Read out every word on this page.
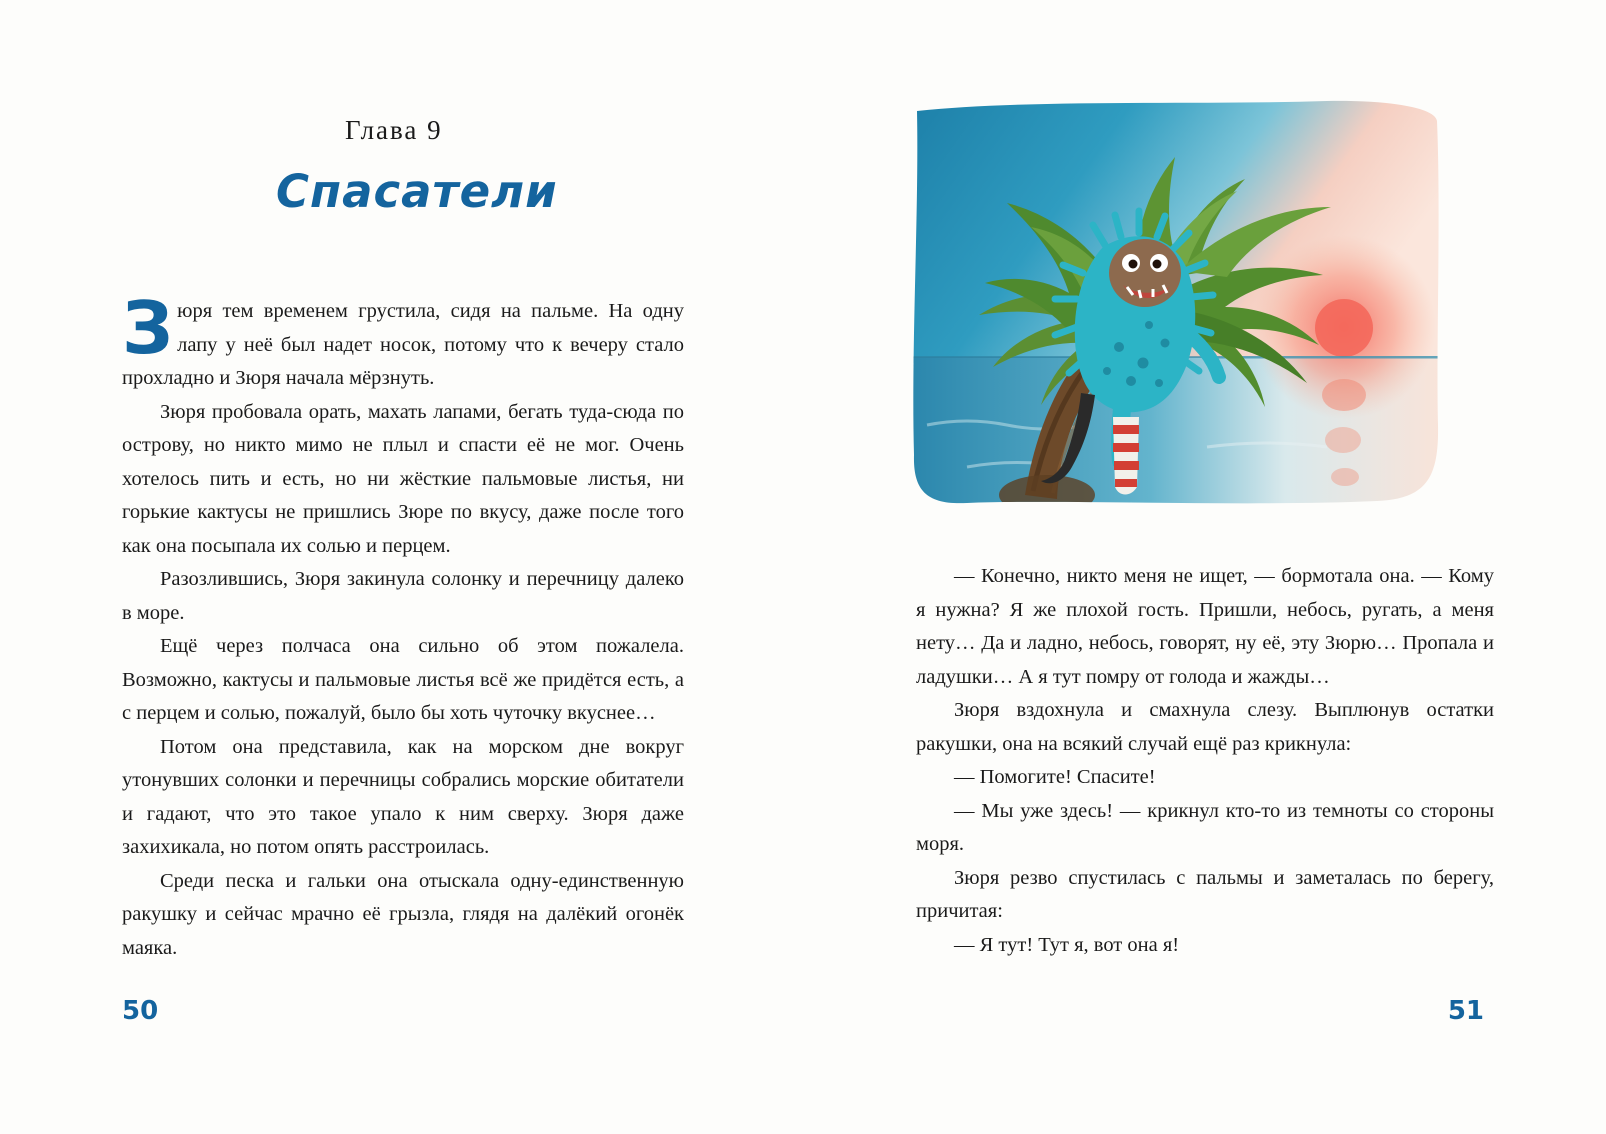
Глава 9
Спасатели

Зюря тем временем грустила, сидя на пальме. На одну лапу у неё был надет носок, потому что к вечеру стало прохладно и Зюря начала мёрзнуть.

Зюря пробовала орать, махать лапами, бегать туда-сюда по острову, но никто мимо не плыл и спасти её не мог. Очень хотелось пить и есть, но ни жёсткие пальмовые листья, ни горькие кактусы не пришлись Зюре по вкусу, даже после того как она посыпала их солью и перцем.

Разозлившись, Зюря закинула солонку и перечницу далеко в море.

Ещё через полчаса она сильно об этом пожалела. Возможно, кактусы и пальмовые листья всё же придётся есть, а с перцем и солью, пожалуй, было бы хоть чуточку вкуснее…

Потом она представила, как на морском дне вокруг утонувших солонки и перечницы собрались морские обитатели и гадают, что это такое упало к ним сверху. Зюря даже захихикала, но потом опять расстроилась.

Среди песка и гальки она отыскала одну-единственную ракушку и сейчас мрачно её грызла, глядя на далёкий огонёк маяка.

50

— Конечно, никто меня не ищет, — бормотала она. — Кому я нужна? Я же плохой гость. Пришли, небось, ругать, а меня нету… Да и ладно, небось, говорят, ну её, эту Зюрю… Пропала и ладушки… А я тут помру от голода и жажды…

Зюря вздохнула и смахнула слезу. Выплюнув остатки ракушки, она на всякий случай ещё раз крикнула:

— Помогите! Спасите!

— Мы уже здесь! — крикнул кто-то из темноты со стороны моря.

Зюря резво спустилась с пальмы и заметалась по берегу, причитая:

— Я тут! Тут я, вот она я!

51
